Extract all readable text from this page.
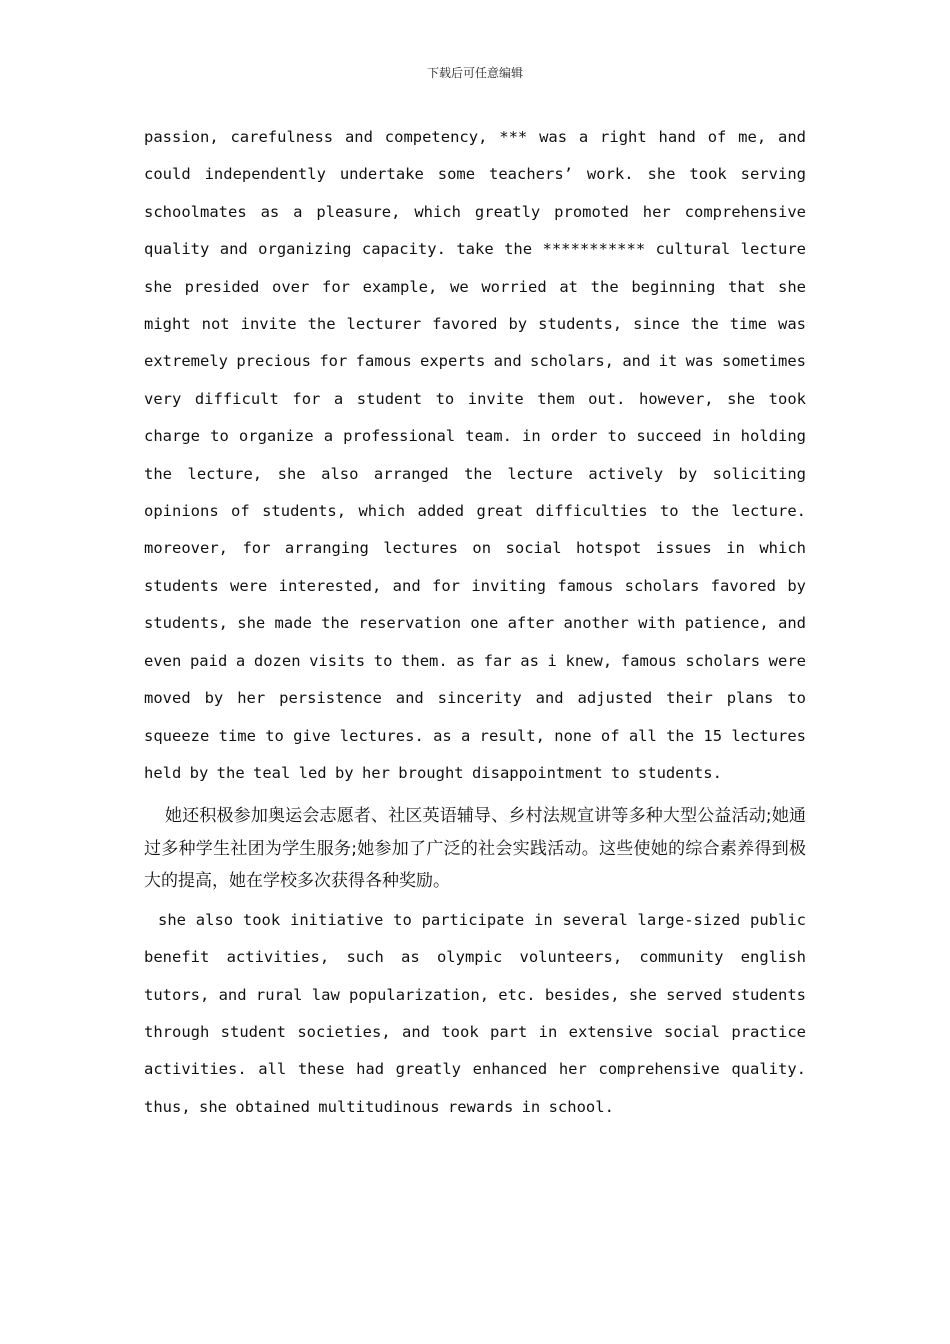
下载后可任意编辑

passion, carefulness and competency, *** was a right hand of me, and could independently undertake some teachers’ work. she took serving schoolmates as a pleasure, which greatly promoted her comprehensive quality and organizing capacity. take the *********** cultural lecture she presided over for example, we worried at the beginning that she might not invite the lecturer favored by students, since the time was extremely precious for famous experts and scholars, and it was sometimes very difficult for a student to invite them out. however, she took charge to organize a professional team. in order to succeed in holding the lecture, she also arranged the lecture actively by soliciting opinions of students, which added great difficulties to the lecture. moreover, for arranging lectures on social hotspot issues in which students were interested, and for inviting famous scholars favored by students, she made the reservation one after another with patience, and even paid a dozen visits to them. as far as i knew, famous scholars were moved by her persistence and sincerity and adjusted their plans to squeeze time to give lectures. as a result, none of all the 15 lectures held by the teal led by her brought disappointment to students.

她还积极参加奥运会志愿者、社区英语辅导、乡村法规宣讲等多种大型公益活动;她通过多种学生社团为学生服务;她参加了广泛的社会实践活动。这些使她的综合素养得到极大的提高，她在学校多次获得各种奖励。

she also took initiative to participate in several large-sized public benefit activities, such as olympic volunteers, community english tutors, and rural law popularization, etc. besides, she served students through student societies, and took part in extensive social practice activities. all these had greatly enhanced her comprehensive quality. thus, she obtained multitudinous rewards in school.
